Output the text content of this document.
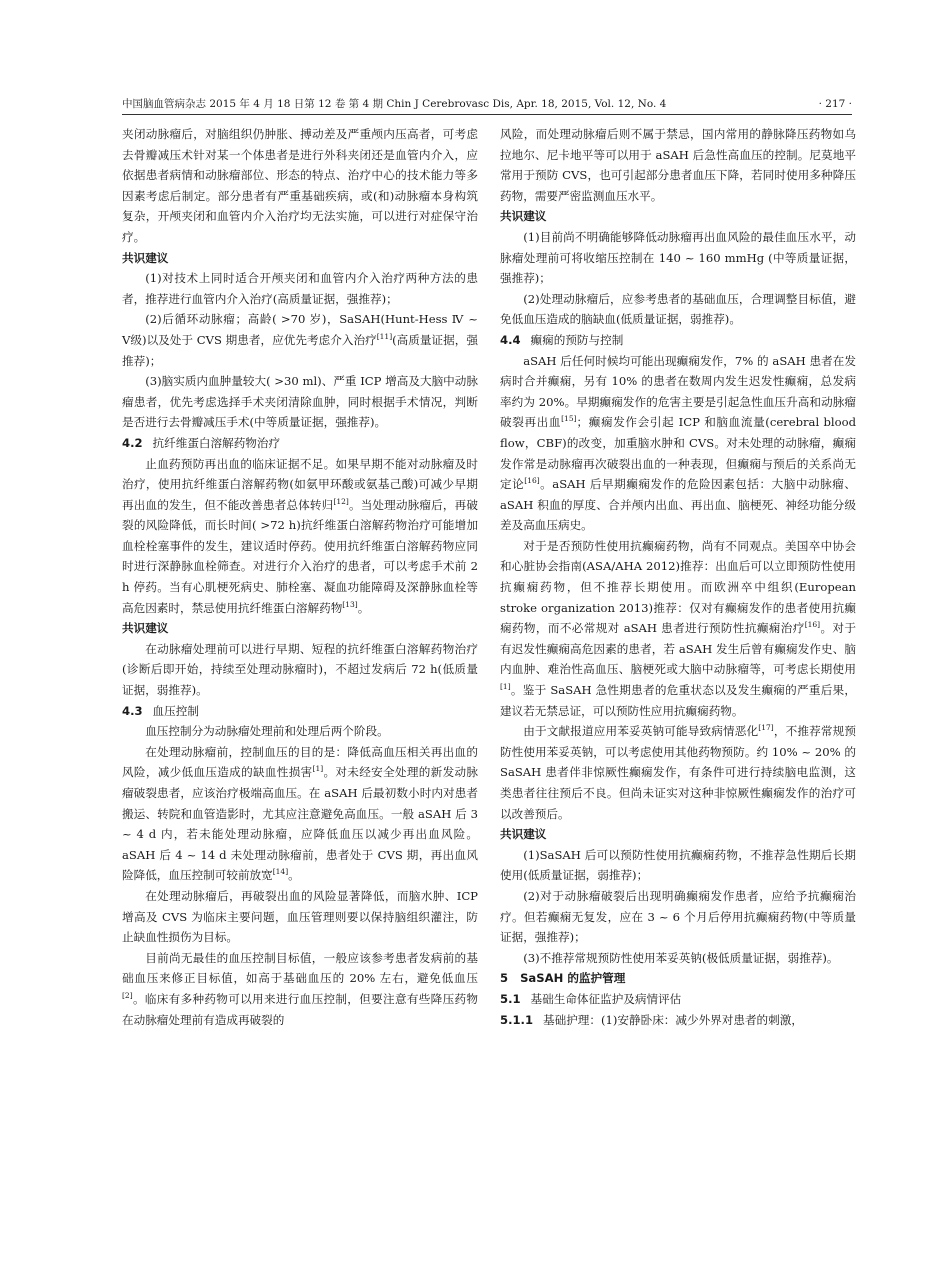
中国脑血管病杂志 2015 年 4 月 18 日第 12 卷 第 4 期 Chin J Cerebrovasc Dis, Apr. 18, 2015, Vol. 12, No. 4	· 217 ·

夹闭动脉瘤后，对脑组织仍肿胀、搏动差及严重颅内压高者，可考虑去骨瓣减压术针对某一个体患者是进行外科夹闭还是血管内介入，应依据患者病情和动脉瘤部位、形态的特点、治疗中心的技术能力等多因素考虑后制定。部分患者有严重基础疾病，或(和)动脉瘤本身构筑复杂，开颅夹闭和血管内介入治疗均无法实施，可以进行对症保守治疗。

共识建议

(1)对技术上同时适合开颅夹闭和血管内介入治疗两种方法的患者，推荐进行血管内介入治疗(高质量证据，强推荐)；

(2)后循环动脉瘤；高龄( >70 岁)，SaSAH(Hunt-Hess Ⅳ ~ Ⅴ级)以及处于 CVS 期患者，应优先考虑介入治疗[11](高质量证据，强推荐)；

(3)脑实质内血肿量较大( >30 ml)、严重 ICP 增高及大脑中动脉瘤患者，优先考虑选择手术夹闭清除血肿，同时根据手术情况，判断是否进行去骨瓣减压手术(中等质量证据，强推荐)。

4.2 抗纤维蛋白溶解药物治疗

止血药预防再出血的临床证据不足。如果早期不能对动脉瘤及时治疗，使用抗纤维蛋白溶解药物(如氨甲环酸或氨基己酸)可减少早期再出血的发生，但不能改善患者总体转归[12]。当处理动脉瘤后，再破裂的风险降低，而长时间( >72 h)抗纤维蛋白溶解药物治疗可能增加血栓栓塞事件的发生，建议适时停药。使用抗纤维蛋白溶解药物应同时进行深静脉血栓筛查。对进行介入治疗的患者，可以考虑手术前 2 h 停药。当有心肌梗死病史、肺栓塞、凝血功能障碍及深静脉血栓等高危因素时，禁忌使用抗纤维蛋白溶解药物[13]。

共识建议

在动脉瘤处理前可以进行早期、短程的抗纤维蛋白溶解药物治疗(诊断后即开始，持续至处理动脉瘤时)，不超过发病后 72 h(低质量证据，弱推荐)。

4.3 血压控制

血压控制分为动脉瘤处理前和处理后两个阶段。

在处理动脉瘤前，控制血压的目的是：降低高血压相关再出血的风险，减少低血压造成的缺血性损害[1]。对未经安全处理的新发动脉瘤破裂患者，应该治疗极端高血压。在 aSAH 后最初数小时内对患者搬运、转院和血管造影时，尤其应注意避免高血压。一般 aSAH 后 3 ~ 4 d 内，若未能处理动脉瘤，应降低血压以减少再出血风险。aSAH 后 4 ~ 14 d 未处理动脉瘤前，患者处于 CVS 期，再出血风险降低，血压控制可较前放宽[14]。

在处理动脉瘤后，再破裂出血的风险显著降低，而脑水肿、ICP 增高及 CVS 为临床主要问题，血压管理则要以保持脑组织灌注，防止缺血性损伤为目标。

目前尚无最佳的血压控制目标值，一般应该参考患者发病前的基础血压来修正目标值，如高于基础血压的 20% 左右，避免低血压[2]。临床有多种药物可以用来进行血压控制，但要注意有些降压药物在动脉瘤处理前有造成再破裂的

风险，而处理动脉瘤后则不属于禁忌，国内常用的静脉降压药物如乌拉地尔、尼卡地平等可以用于 aSAH 后急性高血压的控制。尼莫地平常用于预防 CVS，也可引起部分患者血压下降，若同时使用多种降压药物，需要严密监测血压水平。

共识建议

(1)目前尚不明确能够降低动脉瘤再出血风险的最佳血压水平，动脉瘤处理前可将收缩压控制在 140 ~ 160 mmHg (中等质量证据，强推荐)；

(2)处理动脉瘤后，应参考患者的基础血压，合理调整目标值，避免低血压造成的脑缺血(低质量证据，弱推荐)。

4.4 癫痫的预防与控制

aSAH 后任何时候均可能出现癫痫发作，7% 的 aSAH 患者在发病时合并癫痫，另有 10% 的患者在数周内发生迟发性癫痫，总发病率约为 20%。早期癫痫发作的危害主要是引起急性血压升高和动脉瘤破裂再出血[15]；癫痫发作会引起 ICP 和脑血流量(cerebral blood flow，CBF)的改变，加重脑水肿和 CVS。对未处理的动脉瘤，癫痫发作常是动脉瘤再次破裂出血的一种表现，但癫痫与预后的关系尚无定论[16]。aSAH 后早期癫痫发作的危险因素包括：大脑中动脉瘤、aSAH 积血的厚度、合并颅内出血、再出血、脑梗死、神经功能分级差及高血压病史。

对于是否预防性使用抗癫痫药物，尚有不同观点。美国卒中协会和心脏协会指南(ASA/AHA 2012)推荐：出血后可以立即预防性使用抗癫痫药物，但不推荐长期使用。而欧洲卒中组织(European stroke organization 2013)推荐：仅对有癫痫发作的患者使用抗癫痫药物，而不必常规对 aSAH 患者进行预防性抗癫痫治疗[16]。对于有迟发性癫痫高危因素的患者，若 aSAH 发生后曾有癫痫发作史、脑内血肿、难治性高血压、脑梗死或大脑中动脉瘤等，可考虑长期使用[1]。鉴于 SaSAH 急性期患者的危重状态以及发生癫痫的严重后果，建议若无禁忌证，可以预防性应用抗癫痫药物。

由于文献报道应用苯妥英钠可能导致病情恶化[17]，不推荐常规预防性使用苯妥英钠，可以考虑使用其他药物预防。约 10% ~ 20% 的 SaSAH 患者伴非惊厥性癫痫发作，有条件可进行持续脑电监测，这类患者往往预后不良。但尚未证实对这种非惊厥性癫痫发作的治疗可以改善预后。

共识建议

(1)SaSAH 后可以预防性使用抗癫痫药物，不推荐急性期后长期使用(低质量证据，弱推荐)；

(2)对于动脉瘤破裂后出现明确癫痫发作患者，应给予抗癫痫治疗。但若癫痫无复发，应在 3 ~ 6 个月后停用抗癫痫药物(中等质量证据，强推荐)；

(3)不推荐常规预防性使用苯妥英钠(极低质量证据，弱推荐)。

5 SaSAH 的监护管理

5.1 基础生命体征监护及病情评估

5.1.1 基础护理：(1)安静卧床：减少外界对患者的刺激，
